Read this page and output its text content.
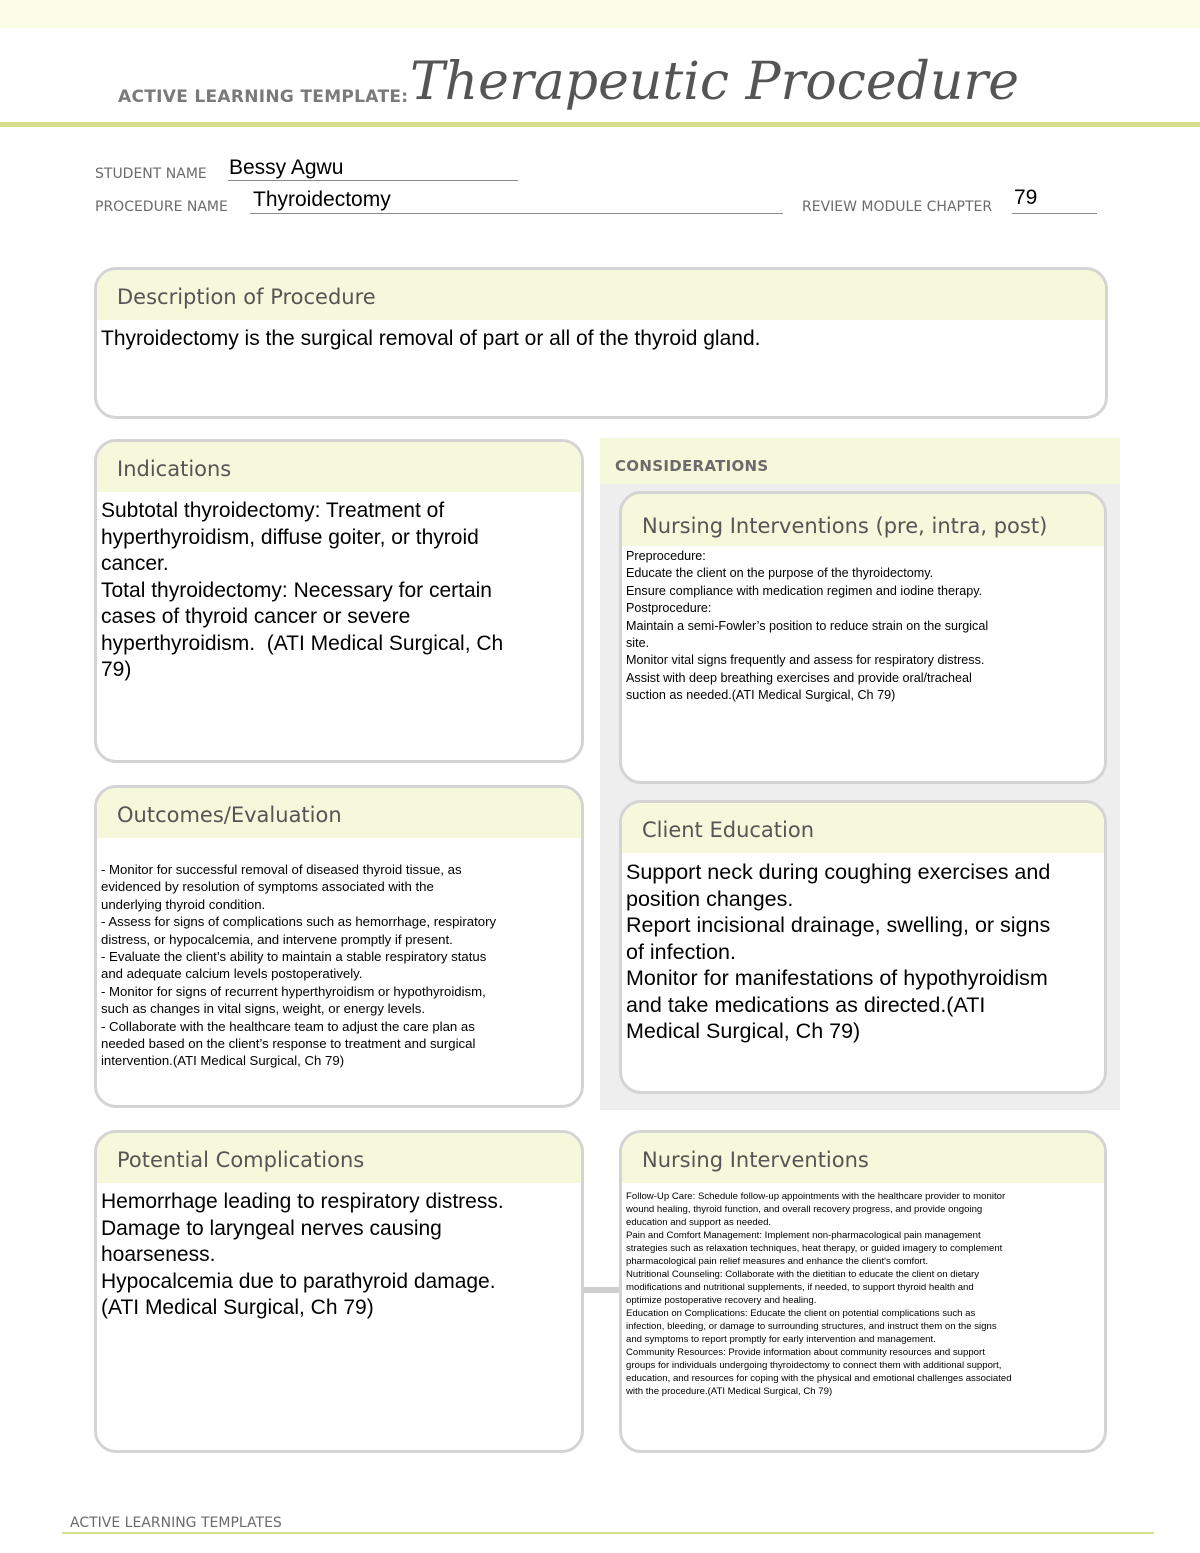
ACTIVE LEARNING TEMPLATE: Therapeutic Procedure
STUDENT NAME Bessy Agwu
PROCEDURE NAME Thyroidectomy	REVIEW MODULE CHAPTER 79
Description of Procedure
Thyroidectomy is the surgical removal of part or all of the thyroid gland.
Indications
Subtotal thyroidectomy: Treatment of
hyperthyroidism, diffuse goiter, or thyroid
cancer.
Total thyroidectomy: Necessary for certain
cases of thyroid cancer or severe
hyperthyroidism.  (ATI Medical Surgical, Ch
79)
CONSIDERATIONS
Nursing Interventions (pre, intra, post)
Preprocedure:
Educate the client on the purpose of the thyroidectomy.
Ensure compliance with medication regimen and iodine therapy.
Postprocedure:
Maintain a semi-Fowler’s position to reduce strain on the surgical
site.
Monitor vital signs frequently and assess for respiratory distress.
Assist with deep breathing exercises and provide oral/tracheal
suction as needed.(ATI Medical Surgical, Ch 79)
Outcomes/Evaluation
- Monitor for successful removal of diseased thyroid tissue, as
evidenced by resolution of symptoms associated with the
underlying thyroid condition.
- Assess for signs of complications such as hemorrhage, respiratory
distress, or hypocalcemia, and intervene promptly if present.
- Evaluate the client’s ability to maintain a stable respiratory status
and adequate calcium levels postoperatively.
- Monitor for signs of recurrent hyperthyroidism or hypothyroidism,
such as changes in vital signs, weight, or energy levels.
- Collaborate with the healthcare team to adjust the care plan as
needed based on the client’s response to treatment and surgical
intervention.(ATI Medical Surgical, Ch 79)
Client Education
Support neck during coughing exercises and
position changes.
Report incisional drainage, swelling, or signs
of infection.
Monitor for manifestations of hypothyroidism
and take medications as directed.(ATI
Medical Surgical, Ch 79)
Potential Complications
Hemorrhage leading to respiratory distress.
Damage to laryngeal nerves causing
hoarseness.
Hypocalcemia due to parathyroid damage.
(ATI Medical Surgical, Ch 79)
Nursing Interventions
Follow-Up Care: Schedule follow-up appointments with the healthcare provider to monitor
wound healing, thyroid function, and overall recovery progress, and provide ongoing
education and support as needed.
Pain and Comfort Management: Implement non-pharmacological pain management
strategies such as relaxation techniques, heat therapy, or guided imagery to complement
pharmacological pain relief measures and enhance the client's comfort.
Nutritional Counseling: Collaborate with the dietitian to educate the client on dietary
modifications and nutritional supplements, if needed, to support thyroid health and
optimize postoperative recovery and healing.
Education on Complications: Educate the client on potential complications such as
infection, bleeding, or damage to surrounding structures, and instruct them on the signs
and symptoms to report promptly for early intervention and management.
Community Resources: Provide information about community resources and support
groups for individuals undergoing thyroidectomy to connect them with additional support,
education, and resources for coping with the physical and emotional challenges associated
with the procedure.(ATI Medical Surgical, Ch 79)
ACTIVE LEARNING TEMPLATES
